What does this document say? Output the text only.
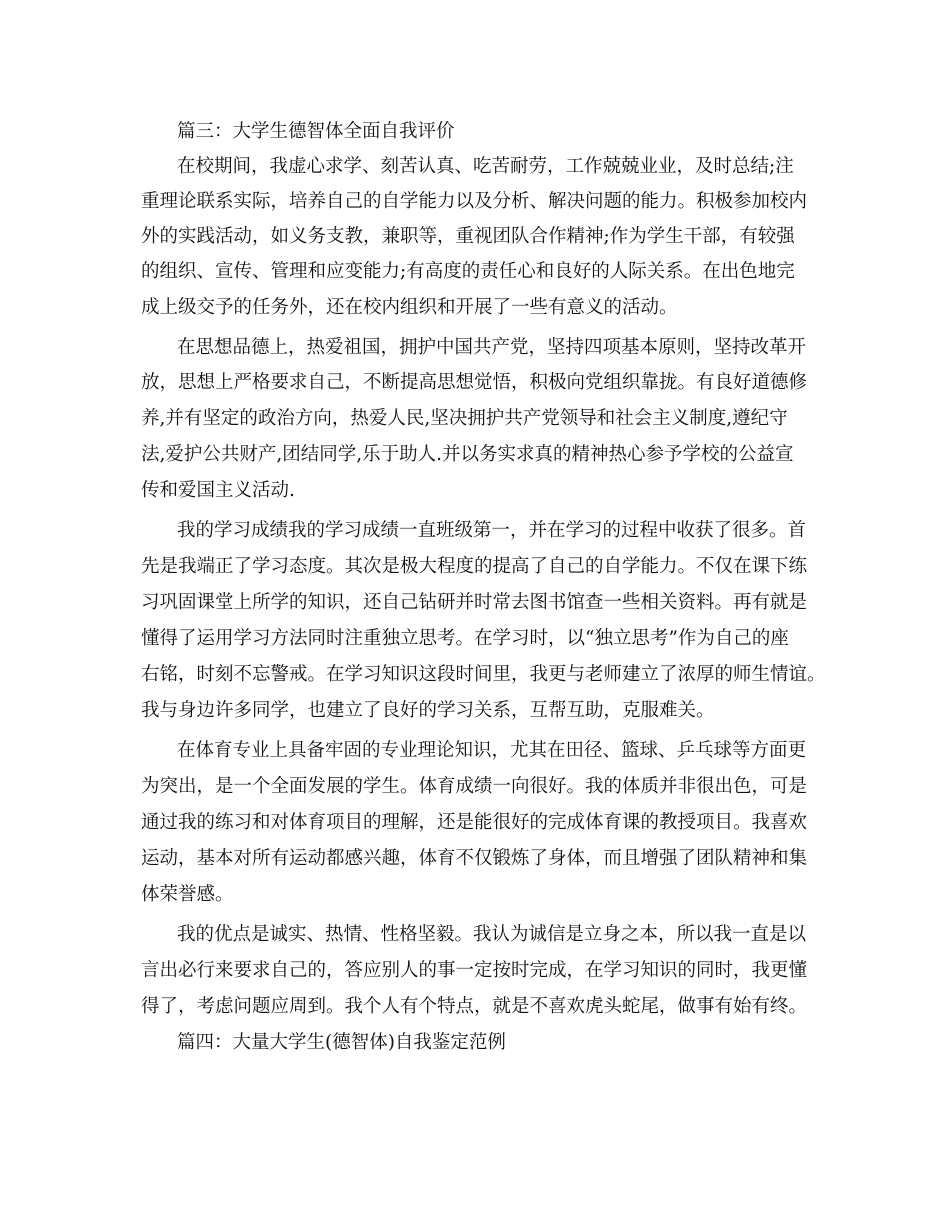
篇三：大学生德智体全面自我评价
在校期间，我虚心求学、刻苦认真、吃苦耐劳，工作兢兢业业，及时总结;注
重理论联系实际，培养自己的自学能力以及分析、解决问题的能力。积极参加校内
外的实践活动，如义务支教，兼职等，重视团队合作精神;作为学生干部，有较强
的组织、宣传、管理和应变能力;有高度的责任心和良好的人际关系。在出色地完
成上级交予的任务外，还在校内组织和开展了一些有意义的活动。
在思想品德上，热爱祖国，拥护中国共产党，坚持四项基本原则，坚持改革开
放，思想上严格要求自己，不断提高思想觉悟，积极向党组织靠拢。有良好道德修
养,并有坚定的政治方向，热爱人民,坚决拥护共产党领导和社会主义制度,遵纪守
法,爱护公共财产,团结同学,乐于助人.并以务实求真的精神热心参予学校的公益宣
传和爱国主义活动.
我的学习成绩我的学习成绩一直班级第一，并在学习的过程中收获了很多。首
先是我端正了学习态度。其次是极大程度的提高了自己的自学能力。不仅在课下练
习巩固课堂上所学的知识，还自己钻研并时常去图书馆查一些相关资料。再有就是
懂得了运用学习方法同时注重独立思考。在学习时，以“独立思考”作为自己的座
右铭，时刻不忘警戒。在学习知识这段时间里，我更与老师建立了浓厚的师生情谊。
我与身边许多同学，也建立了良好的学习关系，互帮互助，克服难关。
在体育专业上具备牢固的专业理论知识，尤其在田径、篮球、乒乓球等方面更
为突出，是一个全面发展的学生。体育成绩一向很好。我的体质并非很出色，可是
通过我的练习和对体育项目的理解，还是能很好的完成体育课的教授项目。我喜欢
运动，基本对所有运动都感兴趣，体育不仅锻炼了身体，而且增强了团队精神和集
体荣誉感。
我的优点是诚实、热情、性格坚毅。我认为诚信是立身之本，所以我一直是以
言出必行来要求自己的，答应别人的事一定按时完成，在学习知识的同时，我更懂
得了，考虑问题应周到。我个人有个特点，就是不喜欢虎头蛇尾，做事有始有终。
篇四：大量大学生(德智体)自我鉴定范例
